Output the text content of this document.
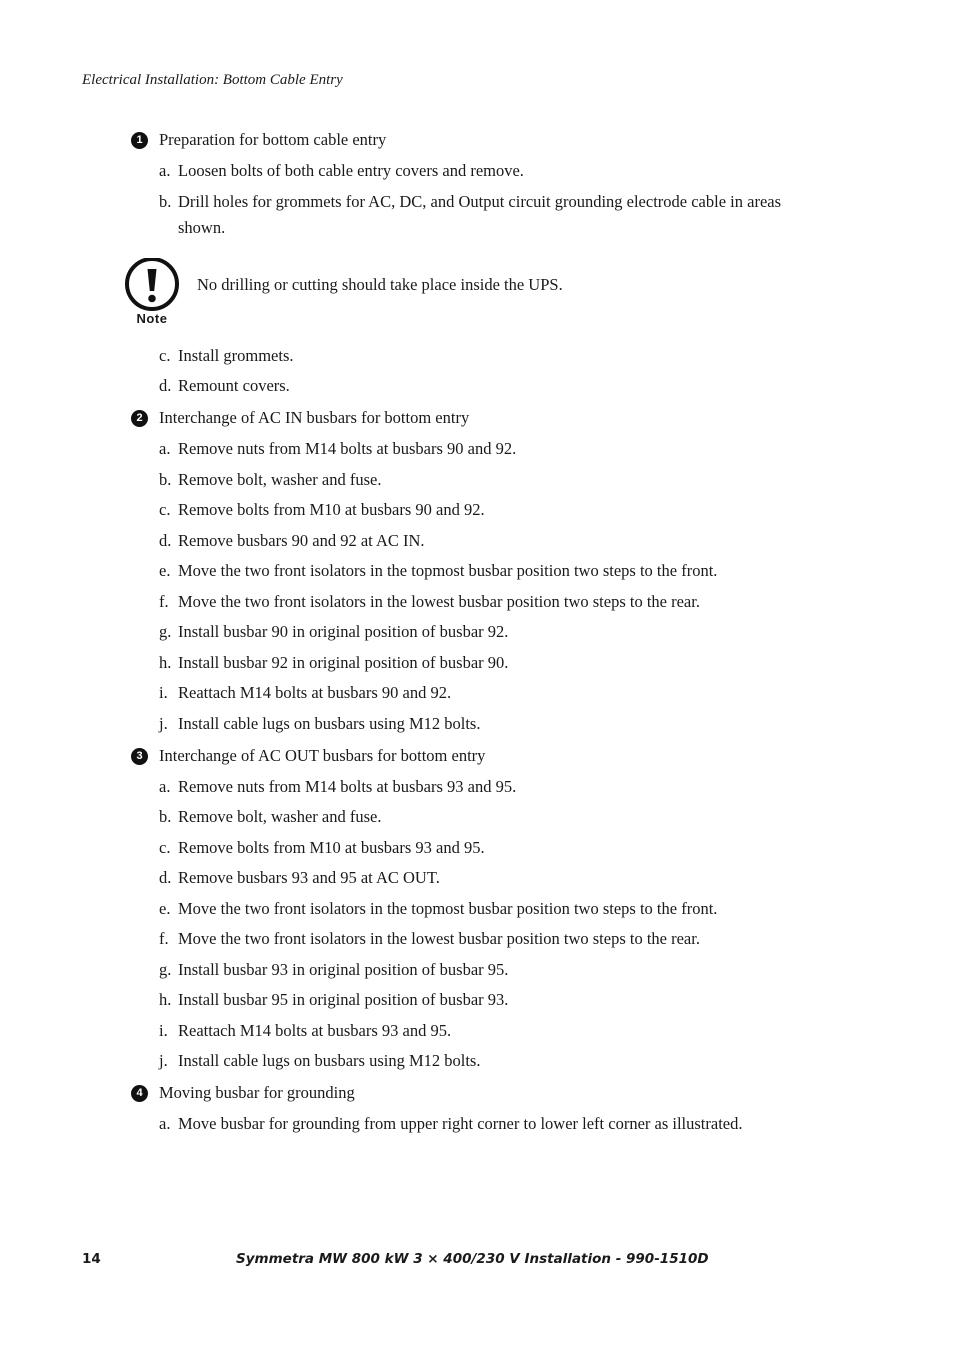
Electrical Installation: Bottom Cable Entry
1 Preparation for bottom cable entry
a. Loosen bolts of both cable entry covers and remove.
b. Drill holes for grommets for AC, DC, and Output circuit grounding electrode cable in areas shown.
Note
No drilling or cutting should take place inside the UPS.
c. Install grommets.
d. Remount covers.
2 Interchange of AC IN busbars for bottom entry
a. Remove nuts from M14 bolts at busbars 90 and 92.
b. Remove bolt, washer and fuse.
c. Remove bolts from M10 at busbars 90 and 92.
d. Remove busbars 90 and 92 at AC IN.
e. Move the two front isolators in the topmost busbar position two steps to the front.
f. Move the two front isolators in the lowest busbar position two steps to the rear.
g. Install busbar 90 in original position of busbar 92.
h. Install busbar 92 in original position of busbar 90.
i. Reattach M14 bolts at busbars 90 and 92.
j. Install cable lugs on busbars using M12 bolts.
3 Interchange of AC OUT busbars for bottom entry
a. Remove nuts from M14 bolts at busbars 93 and 95.
b. Remove bolt, washer and fuse.
c. Remove bolts from M10 at busbars 93 and 95.
d. Remove busbars 93 and 95 at AC OUT.
e. Move the two front isolators in the topmost busbar position two steps to the front.
f. Move the two front isolators in the lowest busbar position two steps to the rear.
g. Install busbar 93 in original position of busbar 95.
h. Install busbar 95 in original position of busbar 93.
i. Reattach M14 bolts at busbars 93 and 95.
j. Install cable lugs on busbars using M12 bolts.
4 Moving busbar for grounding
a. Move busbar for grounding from upper right corner to lower left corner as illustrated.
14	Symmetra MW 800 kW 3 × 400/230 V Installation - 990-1510D
